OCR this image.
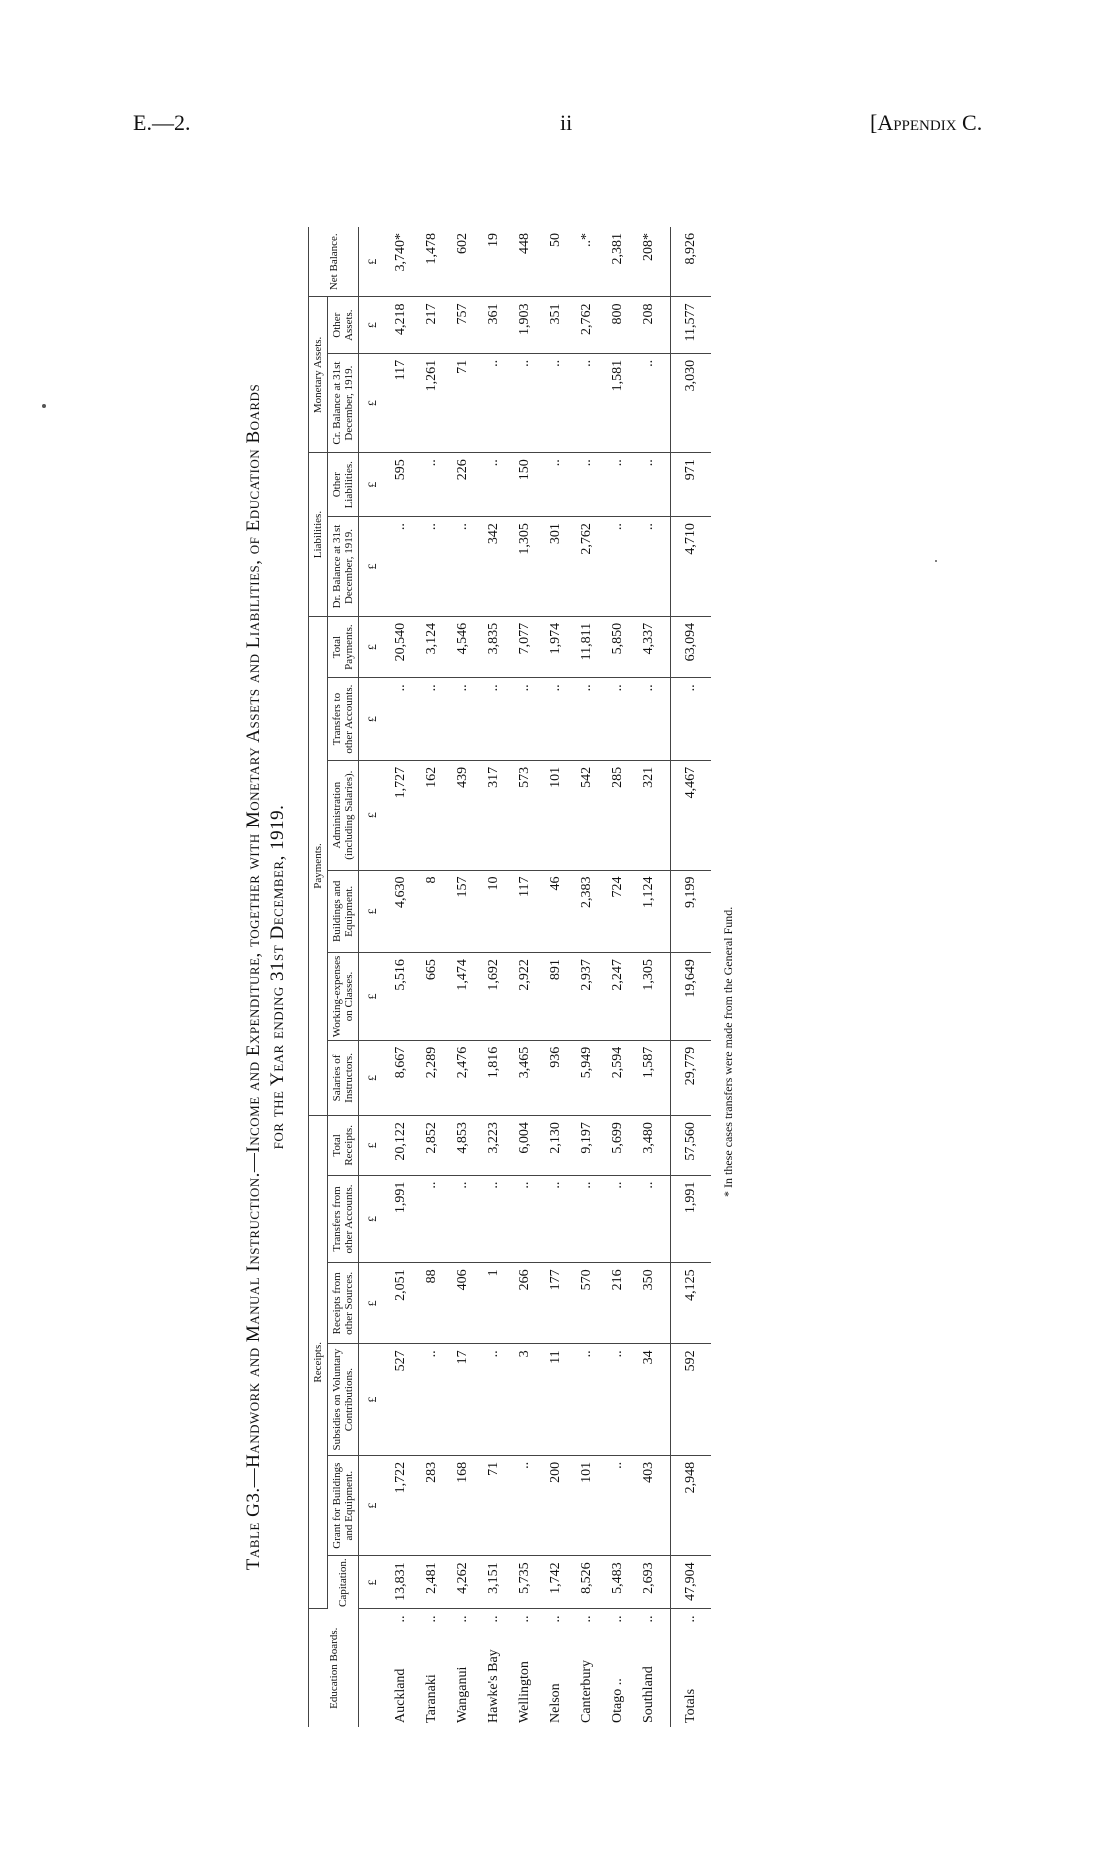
E.—2.	ii	[Appendix C.
Table G3.—Handwork and Manual Instruction.—Income and Expenditure, together with Monetary Assets and Liabilities, of Education Boards for the Year ending 31st December, 1919.
Education Boards.	Receipts.						Payments.						Liabilities.		Monetary Assets.		Net Balance.
	Capitation.	Grant for Buildings and Equipment.	Subsidies on Voluntary Contributions.	Receipts from other Sources.	Transfers from other Accounts.	Total Receipts.	Salaries of Instructors.	Working-expenses on Classes.	Buildings and Equipment.	Administration (including Salaries).	Transfers to other Accounts.	Total Payments.	Dr. Balance at 31st December, 1919.	Other Liabilities.	Cr. Balance at 31st December, 1919.	Other Assets.	
	£	£	£	£	£	£	£	£	£	£	£	£	£	£	£	£	£
Auckland
..	13,831	1,722	527	2,051	1,991	20,122	8,667	5,516	4,630	1,727	..	20,540	..	595	117	4,218	3,740*
Taranaki
..	2,481	283	..	88	..	2,852	2,289	665	8	162	..	3,124	..	..	1,261	217	1,478
Wanganui
..	4,262	168	17	406	..	4,853	2,476	1,474	157	439	..	4,546	..	226	71	757	602
Hawke's Bay
..	3,151	71	..	1	..	3,223	1,816	1,692	10	317	..	3,835	342	..	..	361	19
Wellington
..	5,735	..	3	266	..	6,004	3,465	2,922	117	573	..	7,077	1,305	150	..	1,903	448
Nelson
..	1,742	200	11	177	..	2,130	936	891	46	101	..	1,974	301	..	..	351	50
Canterbury
..	8,526	101	..	570	..	9,197	5,949	2,937	2,383	542	..	11,811	2,762	..	..	2,762	..*
Otago ..
..	5,483	..	..	216	..	5,699	2,594	2,247	724	285	..	5,850	..	..	1,581	800	2,381
Southland
..	2,693	403	34	350	..	3,480	1,587	1,305	1,124	321	..	4,337	..	..	..	208	208*
Totals
..	47,904	2,948	592	4,125	1,991	57,560	29,779	19,649	9,199	4,467	..	63,094	4,710	971	3,030	11,577	8,926
* In these cases transfers were made from the General Fund.
